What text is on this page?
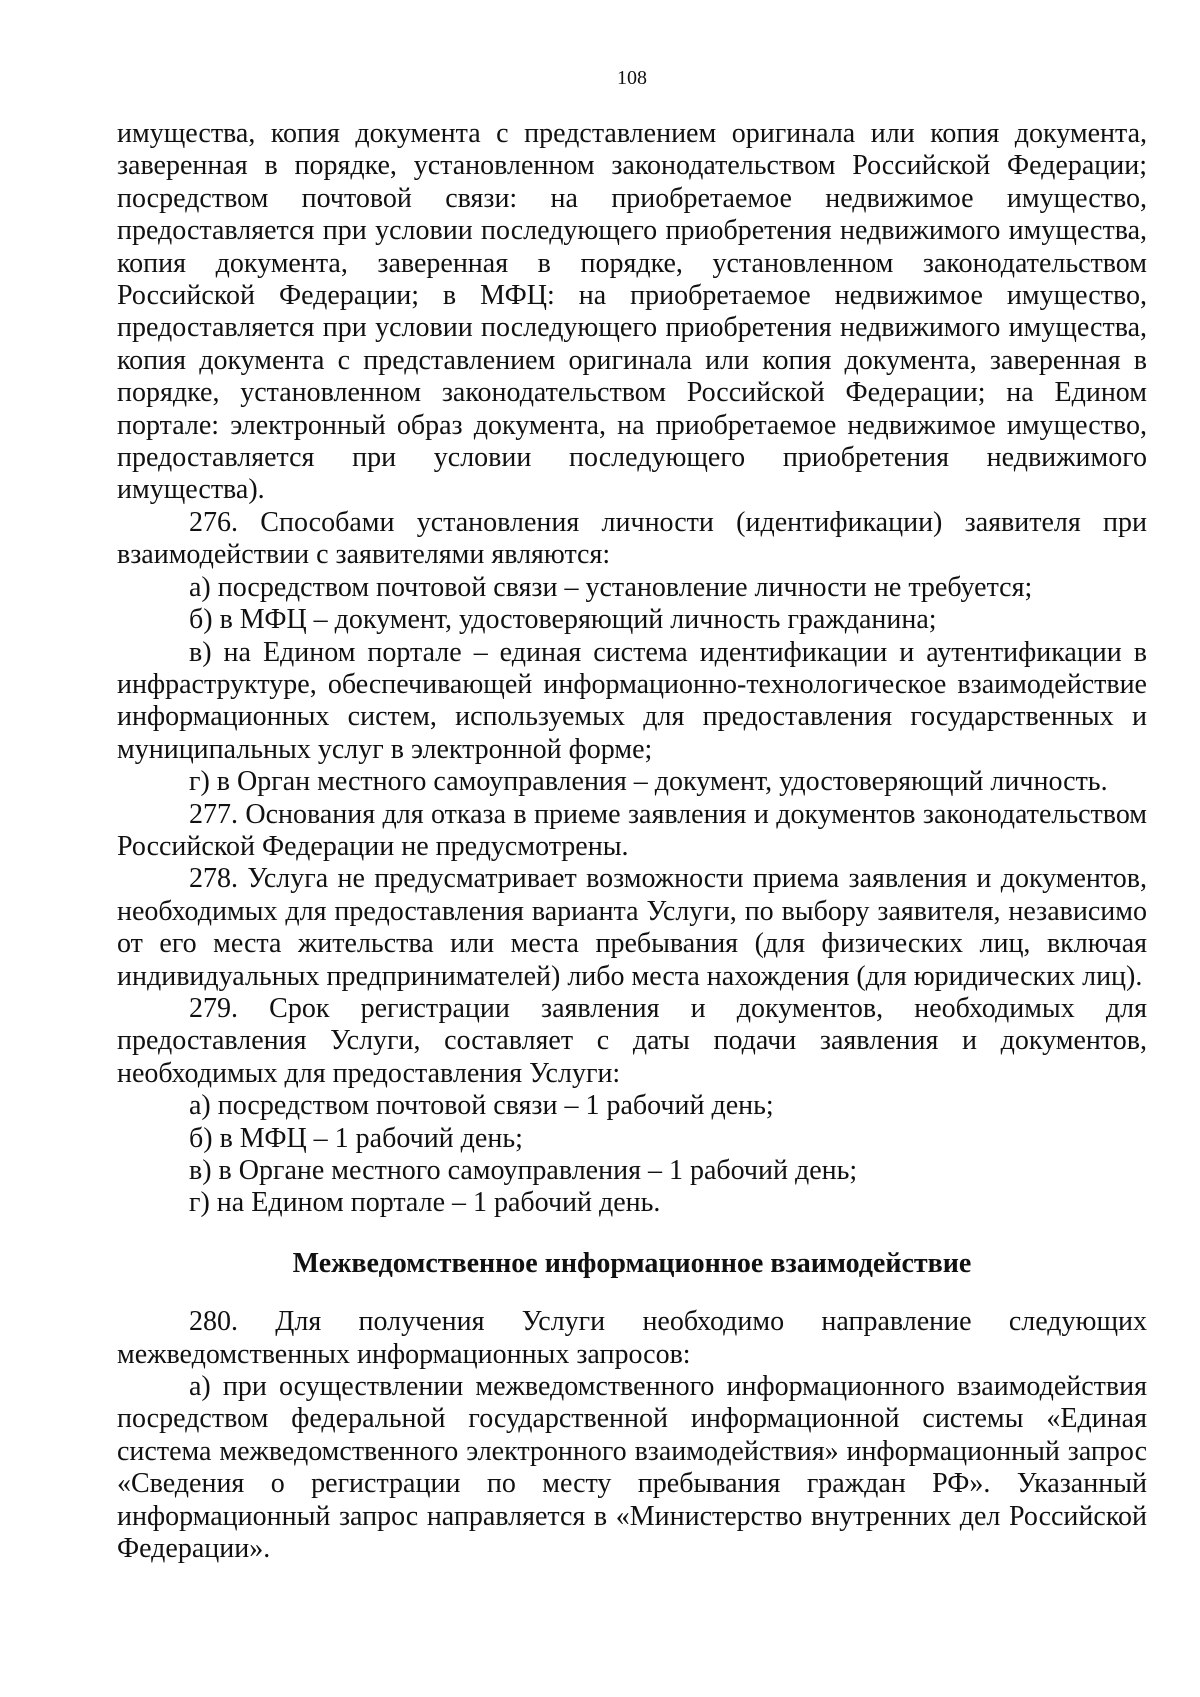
108

имущества, копия документа с представлением оригинала или копия документа, заверенная в порядке, установленном законодательством Российской Федерации; посредством почтовой связи: на приобретаемое недвижимое имущество, предоставляется при условии последующего приобретения недвижимого имущества, копия документа, заверенная в порядке, установленном законодательством Российской Федерации; в МФЦ: на приобретаемое недвижимое имущество, предоставляется при условии последующего приобретения недвижимого имущества, копия документа с представлением оригинала или копия документа, заверенная в порядке, установленном законодательством Российской Федерации; на Едином портале: электронный образ документа, на приобретаемое недвижимое имущество, предоставляется при условии последующего приобретения недвижимого имущества).

276. Способами установления личности (идентификации) заявителя при взаимодействии с заявителями являются:

а) посредством почтовой связи – установление личности не требуется;

б) в МФЦ – документ, удостоверяющий личность гражданина;

в) на Едином портале – единая система идентификации и аутентификации в инфраструктуре, обеспечивающей информационно-технологическое взаимодействие информационных систем, используемых для предоставления государственных и муниципальных услуг в электронной форме;

г) в Орган местного самоуправления – документ, удостоверяющий личность.

277. Основания для отказа в приеме заявления и документов законодательством Российской Федерации не предусмотрены.

278. Услуга не предусматривает возможности приема заявления и документов, необходимых для предоставления варианта Услуги, по выбору заявителя, независимо от его места жительства или места пребывания (для физических лиц, включая индивидуальных предпринимателей) либо места нахождения (для юридических лиц).

279. Срок регистрации заявления и документов, необходимых для предоставления Услуги, составляет с даты подачи заявления и документов, необходимых для предоставления Услуги:

а) посредством почтовой связи – 1 рабочий день;

б) в МФЦ – 1 рабочий день;

в) в Органе местного самоуправления – 1 рабочий день;

г) на Едином портале – 1 рабочий день.

Межведомственное информационное взаимодействие

280. Для получения Услуги необходимо направление следующих межведомственных информационных запросов:

а) при осуществлении межведомственного информационного взаимодействия посредством федеральной государственной информационной системы «Единая система межведомственного электронного взаимодействия» информационный запрос «Сведения о регистрации по месту пребывания граждан РФ». Указанный информационный запрос направляется в «Министерство внутренних дел Российской Федерации».
